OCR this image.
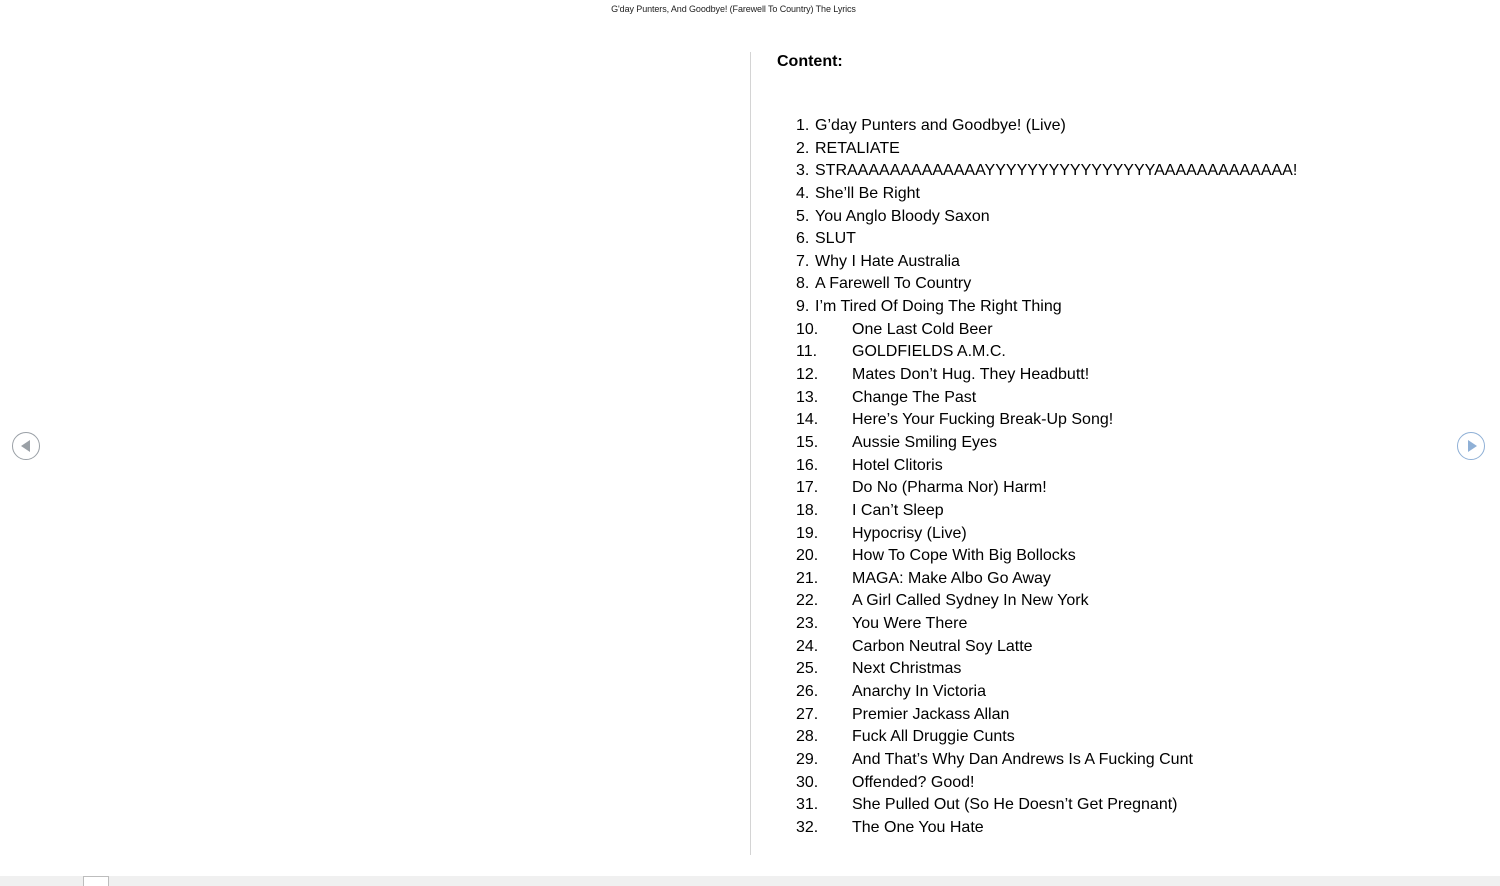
G'day Punters, And Goodbye! (Farewell To Country) The Lyrics
Content:
1. G’day Punters and Goodbye! (Live)
2. RETALIATE
3. STRAAAAAAAAAAAAAYYYYYYYYYYYYYYYYAAAAAAAAAAAAA!
4. She’ll Be Right
5. You Anglo Bloody Saxon
6. SLUT
7. Why I Hate Australia
8. A Farewell To Country
9. I’m Tired Of Doing The Right Thing
10.	One Last Cold Beer
11.	GOLDFIELDS A.M.C.
12.	Mates Don’t Hug. They Headbutt!
13.	Change The Past
14.	Here’s Your Fucking Break-Up Song!
15.	Aussie Smiling Eyes
16.	Hotel Clitoris
17.	Do No (Pharma Nor) Harm!
18.	I Can’t Sleep
19.	Hypocrisy (Live)
20.	How To Cope With Big Bollocks
21.	MAGA: Make Albo Go Away
22.	A Girl Called Sydney In New York
23.	You Were There
24.	Carbon Neutral Soy Latte
25.	Next Christmas
26.	Anarchy In Victoria
27.	Premier Jackass Allan
28.	Fuck All Druggie Cunts
29.	And That’s Why Dan Andrews Is A Fucking Cunt
30.	Offended? Good!
31.	She Pulled Out (So He Doesn’t Get Pregnant)
32.	The One You Hate
